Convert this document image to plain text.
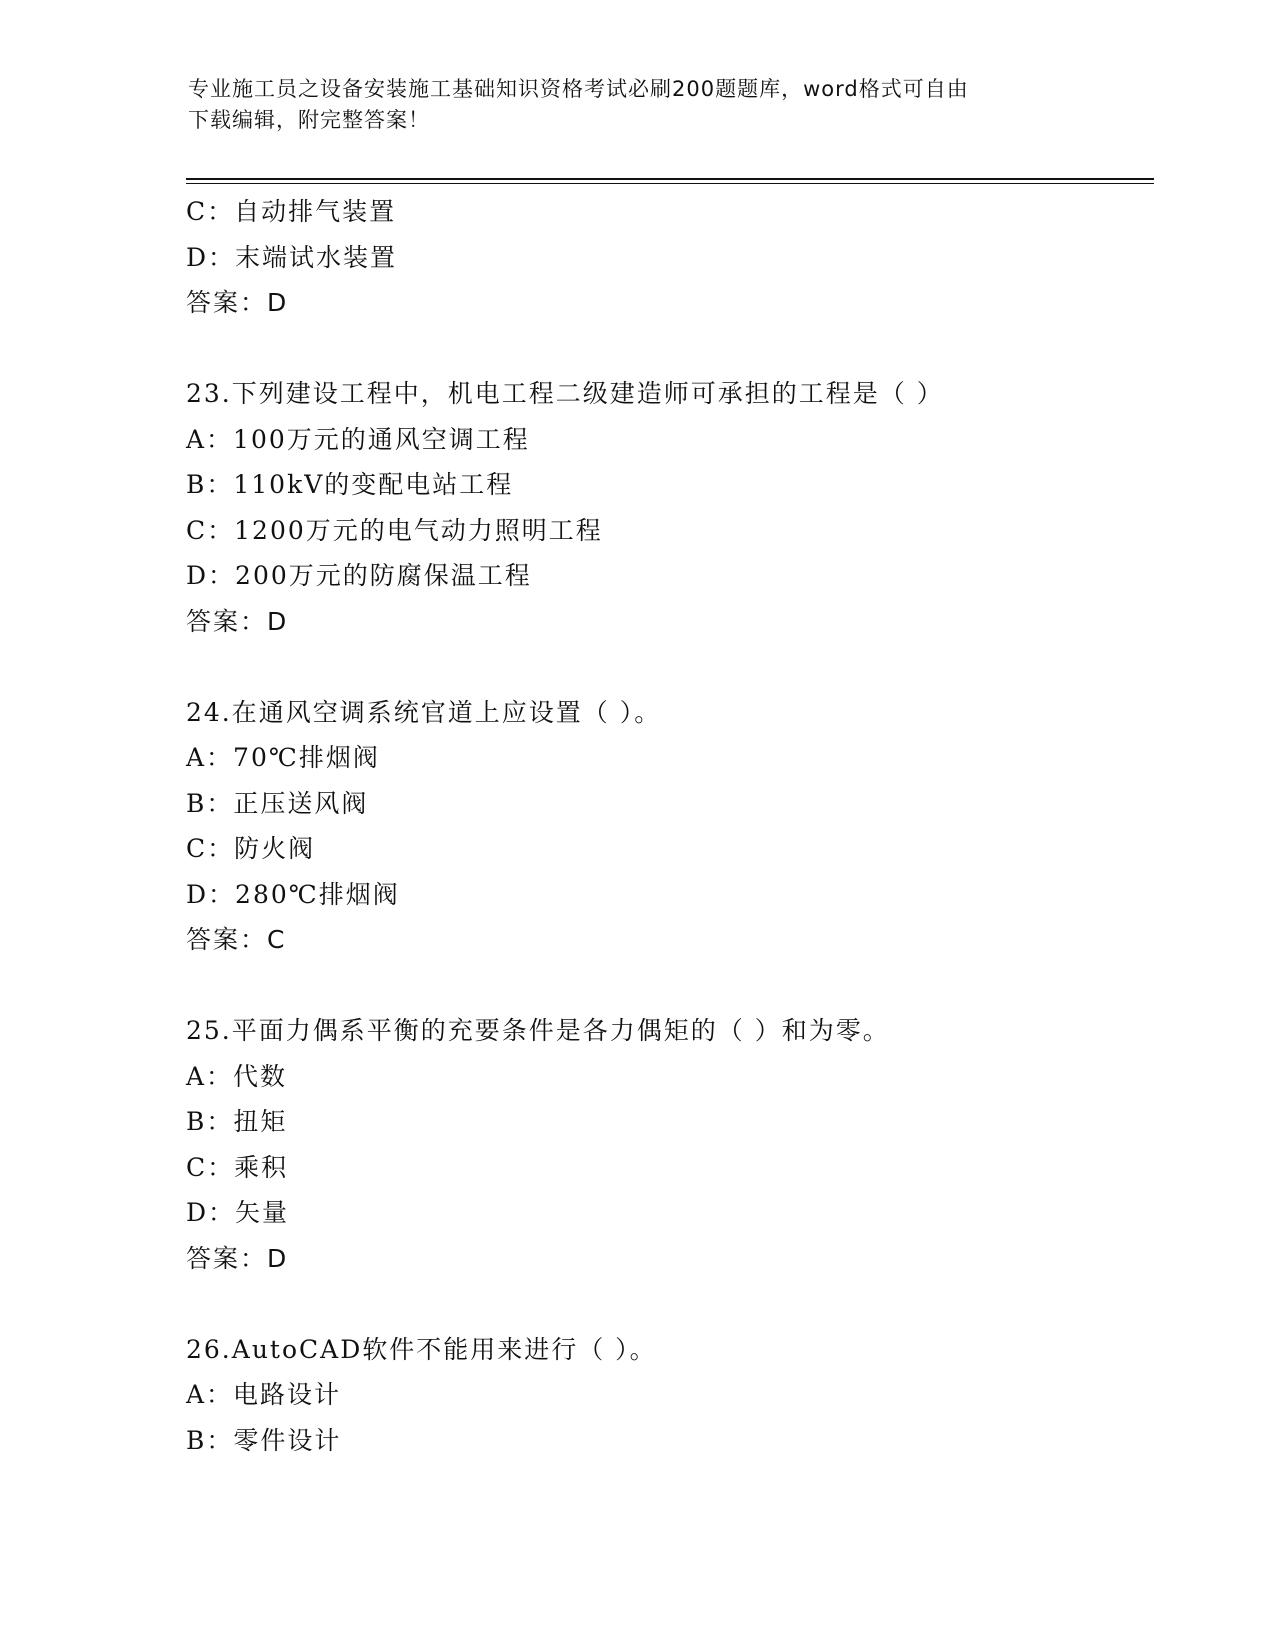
专业施工员之设备安装施工基础知识资格考试必刷200题题库，word格式可自由
下载编辑，附完整答案！
C：自动排气装置
D：末端试水装置
答案：D
23.下列建设工程中，机电工程二级建造师可承担的工程是（ ）
A：100万元的通风空调工程
B：110kV的变配电站工程
C：1200万元的电气动力照明工程
D：200万元的防腐保温工程
答案：D
24.在通风空调系统官道上应设置（ ）。
A：70℃排烟阀
B：正压送风阀
C：防火阀
D：280℃排烟阀
答案：C
25.平面力偶系平衡的充要条件是各力偶矩的（ ）和为零。
A：代数
B：扭矩
C：乘积
D：矢量
答案：D
26.AutoCAD软件不能用来进行（ ）。
A：电路设计
B：零件设计
